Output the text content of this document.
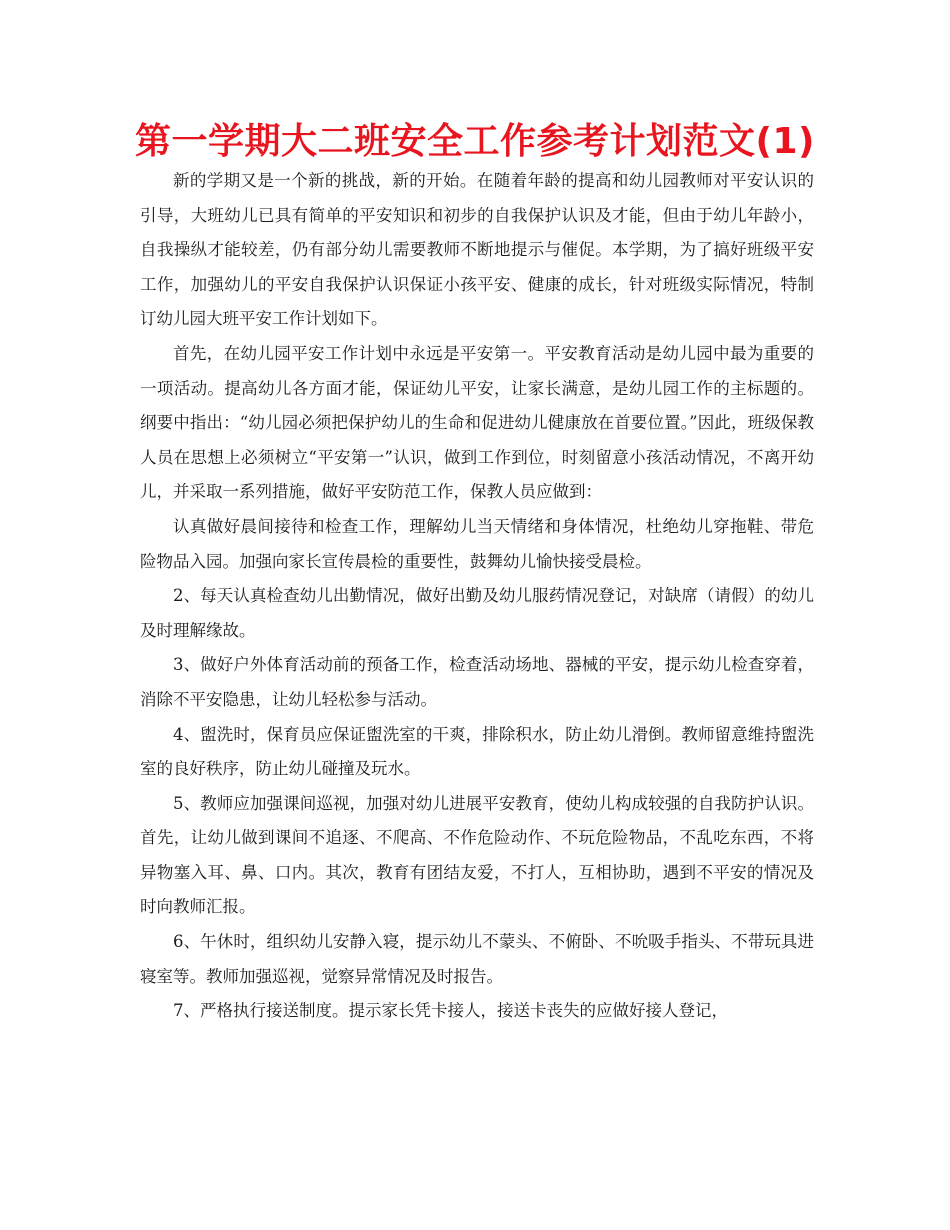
第一学期大二班安全工作参考计划范文(1)

新的学期又是一个新的挑战，新的开始。在随着年龄的提高和幼儿园教师对平安认识的引导，大班幼儿已具有简单的平安知识和初步的自我保护认识及才能，但由于幼儿年龄小，自我操纵才能较差，仍有部分幼儿需要教师不断地提示与催促。本学期，为了搞好班级平安工作，加强幼儿的平安自我保护认识保证小孩平安、健康的成长，针对班级实际情况，特制订幼儿园大班平安工作计划如下。

首先，在幼儿园平安工作计划中永远是平安第一。平安教育活动是幼儿园中最为重要的一项活动。提高幼儿各方面才能，保证幼儿平安，让家长满意，是幼儿园工作的主标题的。纲要中指出：“幼儿园必须把保护幼儿的生命和促进幼儿健康放在首要位置。”因此，班级保教人员在思想上必须树立“平安第一”认识，做到工作到位，时刻留意小孩活动情况，不离开幼儿，并采取一系列措施，做好平安防范工作，保教人员应做到：

认真做好晨间接待和检查工作，理解幼儿当天情绪和身体情况，杜绝幼儿穿拖鞋、带危险物品入园。加强向家长宣传晨检的重要性，鼓舞幼儿愉快接受晨检。

2、每天认真检查幼儿出勤情况，做好出勤及幼儿服药情况登记，对缺席（请假）的幼儿及时理解缘故。

3、做好户外体育活动前的预备工作，检查活动场地、器械的平安，提示幼儿检查穿着，消除不平安隐患，让幼儿轻松参与活动。

4、盥洗时，保育员应保证盥洗室的干爽，排除积水，防止幼儿滑倒。教师留意维持盥洗室的良好秩序，防止幼儿碰撞及玩水。

5、教师应加强课间巡视，加强对幼儿进展平安教育，使幼儿构成较强的自我防护认识。首先，让幼儿做到课间不追逐、不爬高、不作危险动作、不玩危险物品，不乱吃东西，不将异物塞入耳、鼻、口内。其次，教育有团结友爱，不打人，互相协助，遇到不平安的情况及时向教师汇报。

6、午休时，组织幼儿安静入寝，提示幼儿不蒙头、不俯卧、不吮吸手指头、不带玩具进寝室等。教师加强巡视，觉察异常情况及时报告。

7、严格执行接送制度。提示家长凭卡接人，接送卡丧失的应做好接人登记，
